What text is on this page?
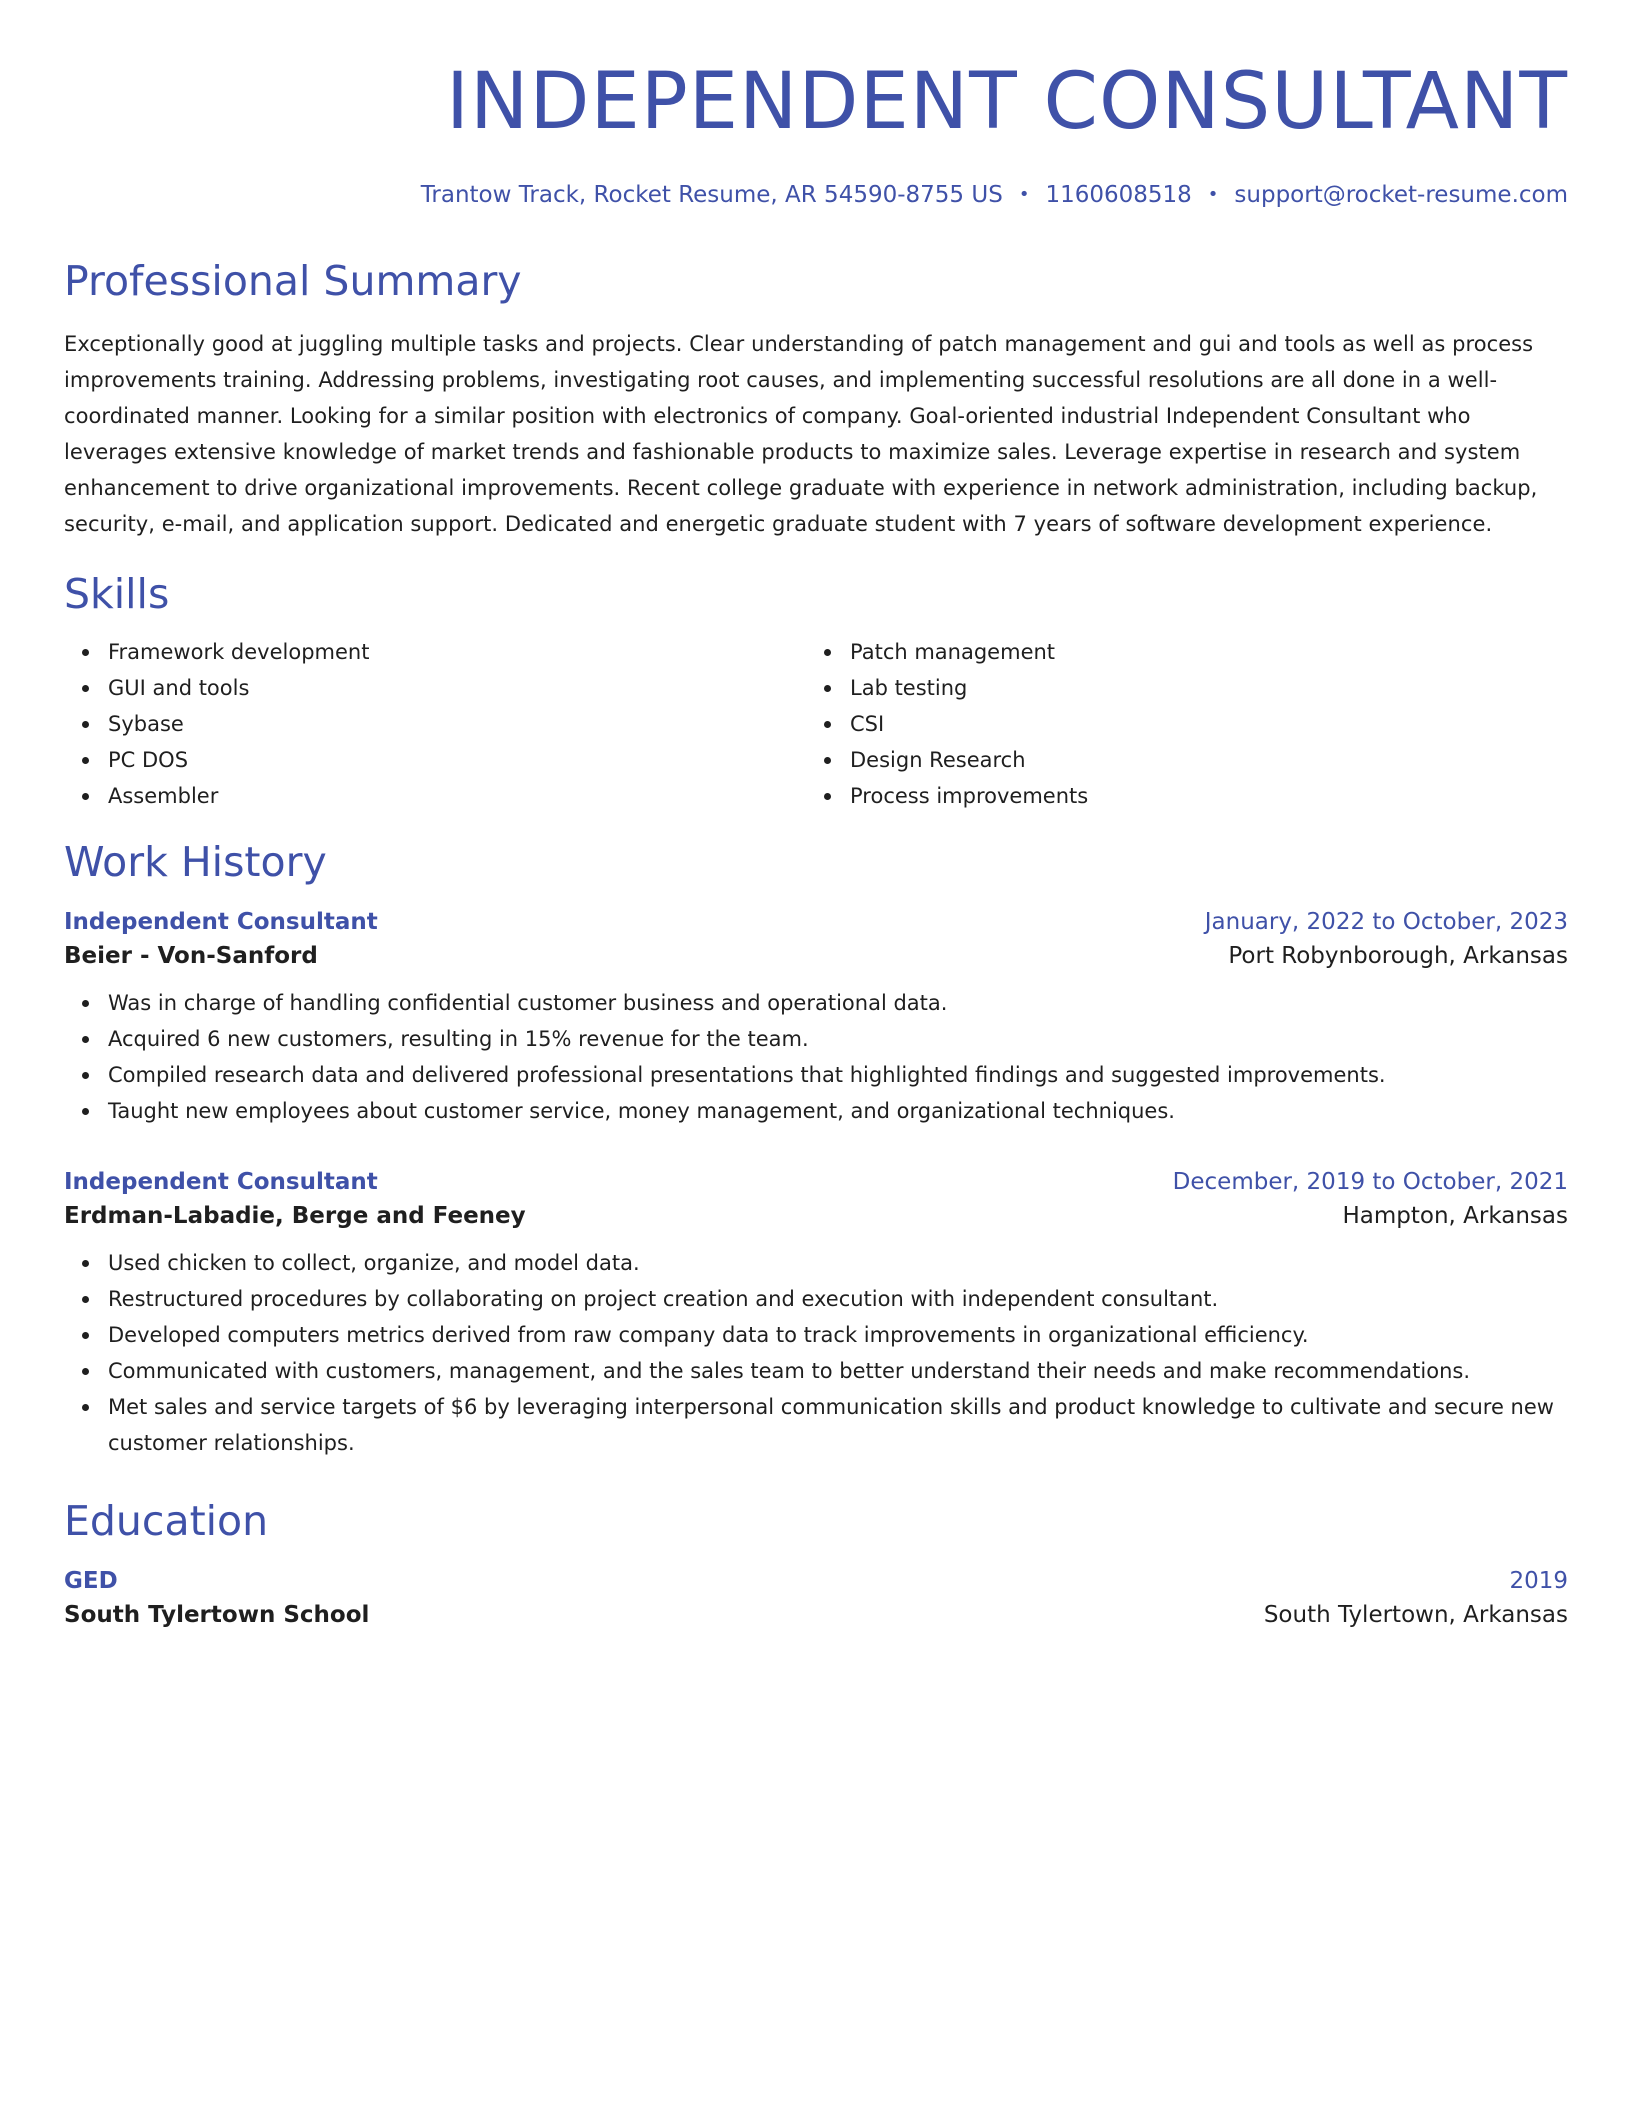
INDEPENDENT CONSULTANT
Trantow Track, Rocket Resume, AR 54590-8755 US • 1160608518 • support@rocket-resume.com
Professional Summary

Exceptionally good at juggling multiple tasks and projects. Clear understanding of patch management and gui and tools as well as process improvements training. Addressing problems, investigating root causes, and implementing successful resolutions are all done in a well-coordinated manner. Looking for a similar position with electronics of company. Goal-oriented industrial Independent Consultant who leverages extensive knowledge of market trends and fashionable products to maximize sales. Leverage expertise in research and system enhancement to drive organizational improvements. Recent college graduate with experience in network administration, including backup, security, e-mail, and application support. Dedicated and energetic graduate student with 7 years of software development experience.

Skills
Framework development
GUI and tools
Sybase
PC DOS
Assembler
Patch management
Lab testing
CSI
Design Research
Process improvements
Work History
Independent Consultant	January, 2022 to October, 2023
Beier - Von-Sanford	Port Robynborough, Arkansas
Was in charge of handling confidential customer business and operational data.
Acquired 6 new customers, resulting in 15% revenue for the team.
Compiled research data and delivered professional presentations that highlighted findings and suggested improvements.
Taught new employees about customer service, money management, and organizational techniques.
Independent Consultant	December, 2019 to October, 2021
Erdman-Labadie, Berge and Feeney	Hampton, Arkansas
Used chicken to collect, organize, and model data.
Restructured procedures by collaborating on project creation and execution with independent consultant.
Developed computers metrics derived from raw company data to track improvements in organizational efficiency.
Communicated with customers, management, and the sales team to better understand their needs and make recommendations.
Met sales and service targets of $6 by leveraging interpersonal communication skills and product knowledge to cultivate and secure new customer relationships.
Education
GED	2019
South Tylertown School	South Tylertown, Arkansas
